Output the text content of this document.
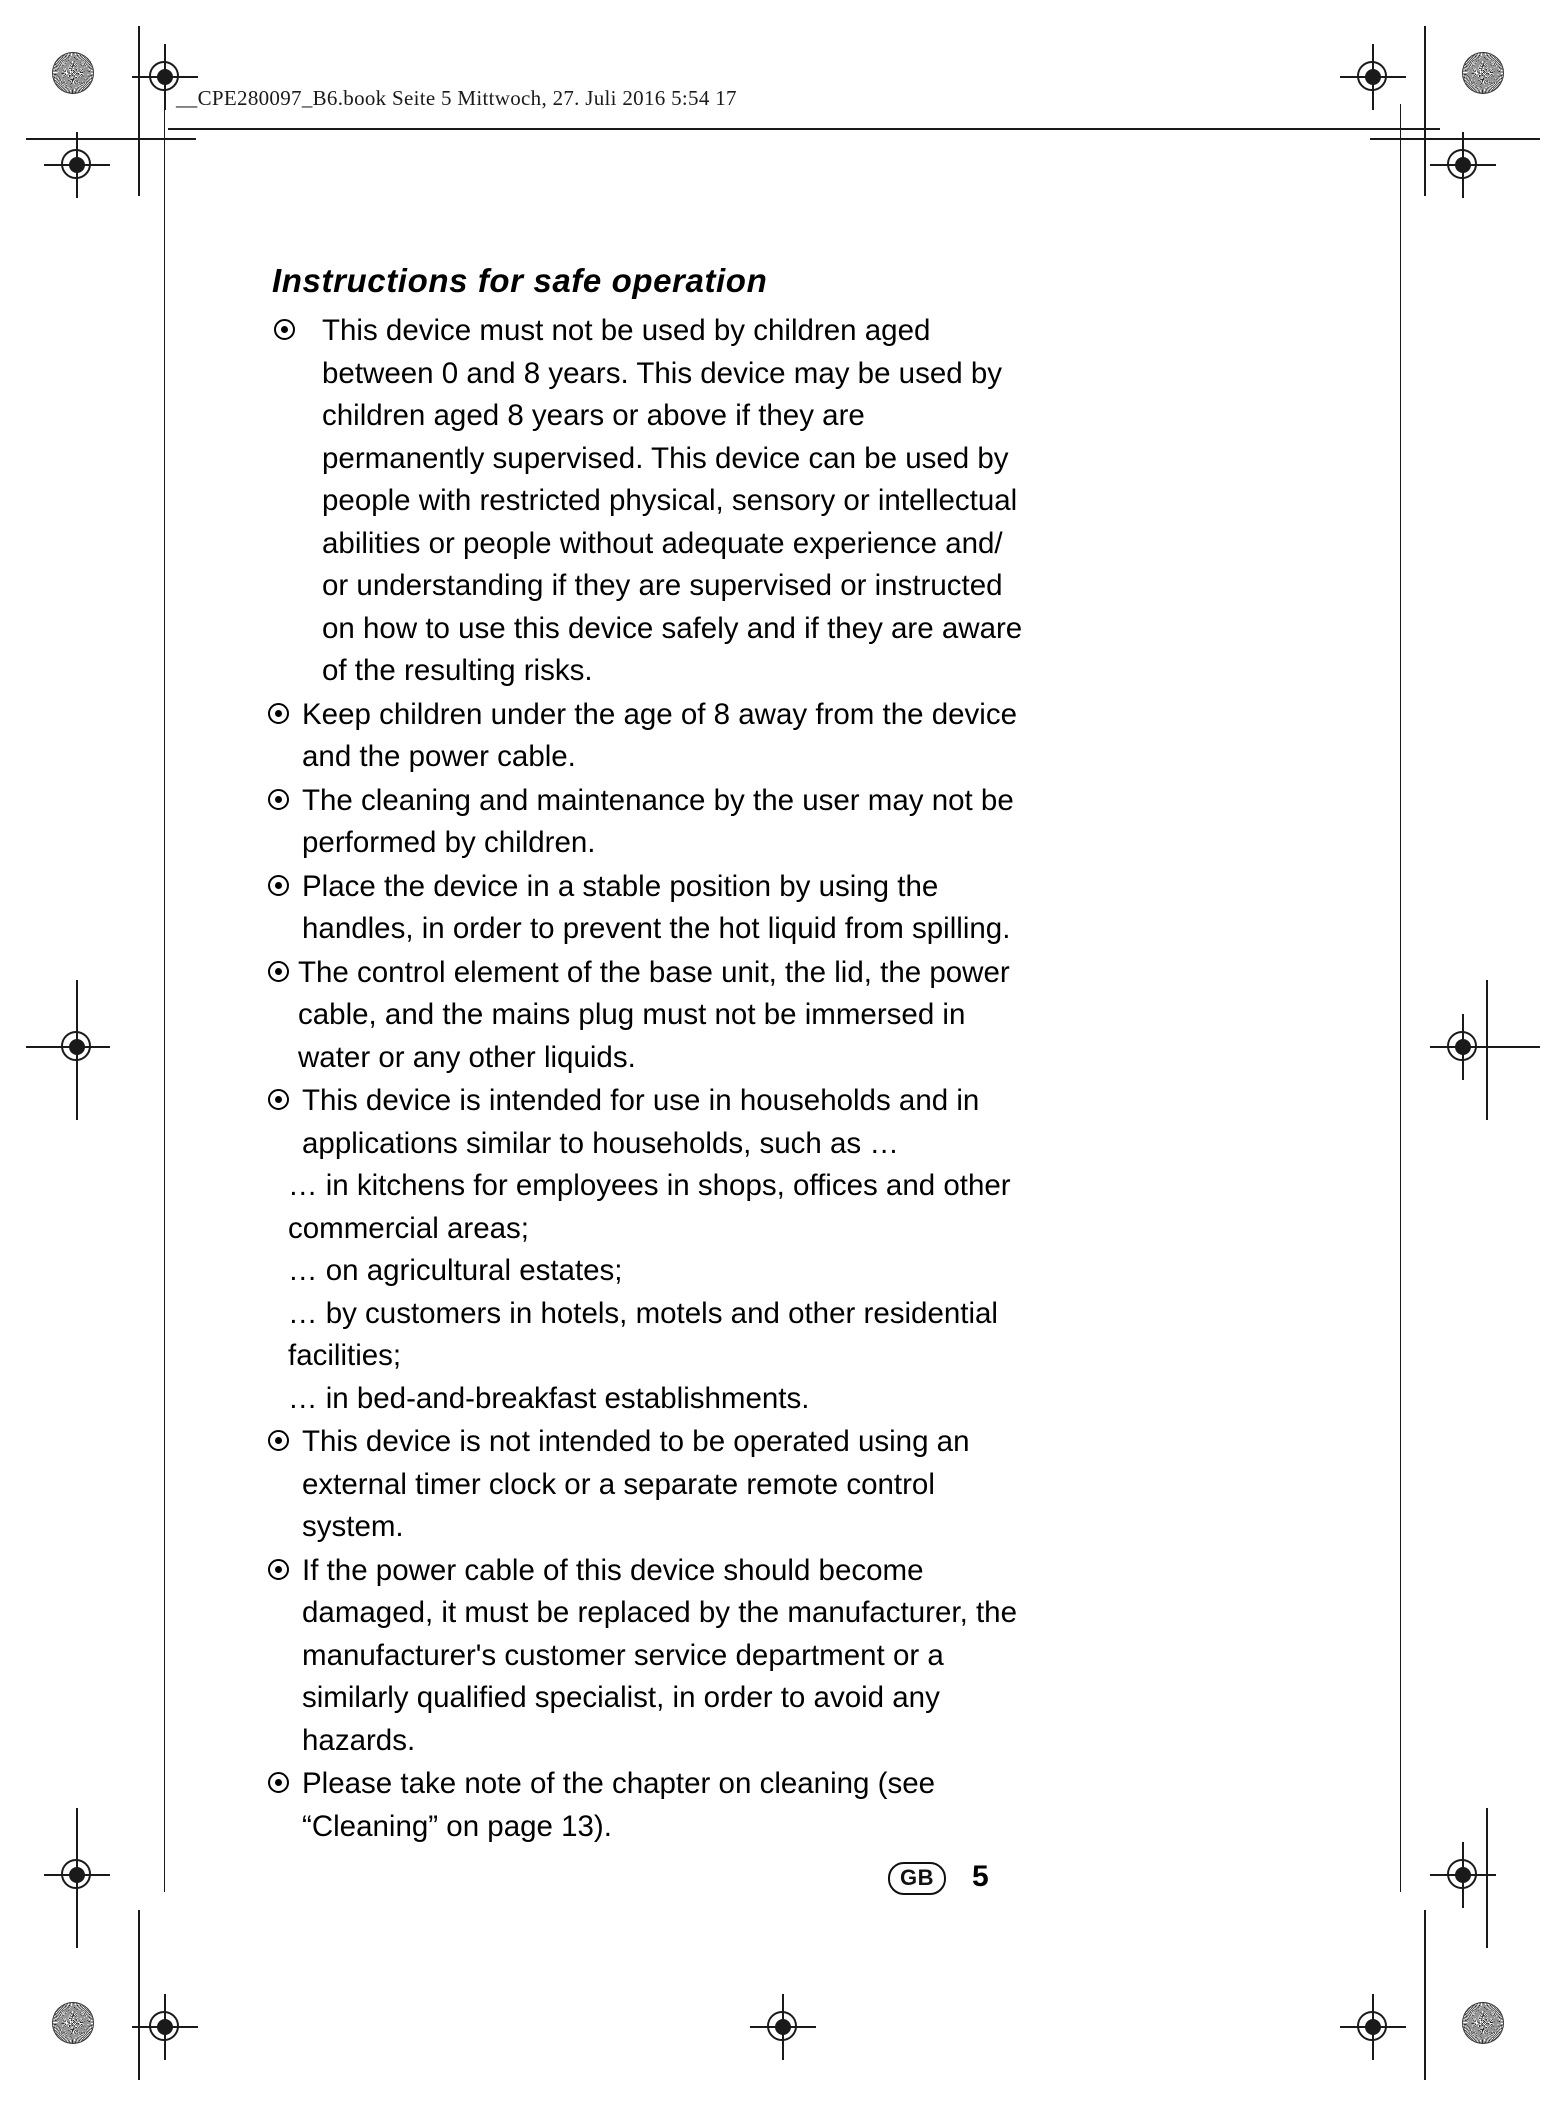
__CPE280097_B6.book Seite 5 Mittwoch, 27. Juli 2016 5:54 17
Instructions for safe operation
This device must not be used by children aged between 0 and 8 years. This device may be used by children aged 8 years or above if they are permanently supervised. This device can be used by people with restricted physical, sensory or intellectual abilities or people without adequate experience and/ or understanding if they are supervised or instructed on how to use this device safely and if they are aware of the resulting risks.
Keep children under the age of 8 away from the device and the power cable.
The cleaning and maintenance by the user may not be performed by children.
Place the device in a stable position by using the handles, in order to prevent the hot liquid from spilling.
The control element of the base unit, the lid, the power cable, and the mains plug must not be immersed in water or any other liquids.
This device is intended for use in households and in applications similar to households, such as …
… in kitchens for employees in shops, offices and other commercial areas;
… on agricultural estates;
… by customers in hotels, motels and other residential facilities;
… in bed-and-breakfast establishments.
This device is not intended to be operated using an external timer clock or a separate remote control system.
If the power cable of this device should become damaged, it must be replaced by the manufacturer, the manufacturer's customer service department or a similarly qualified specialist, in order to avoid any hazards.
Please take note of the chapter on cleaning (see “Cleaning” on page 13).
GB	5
